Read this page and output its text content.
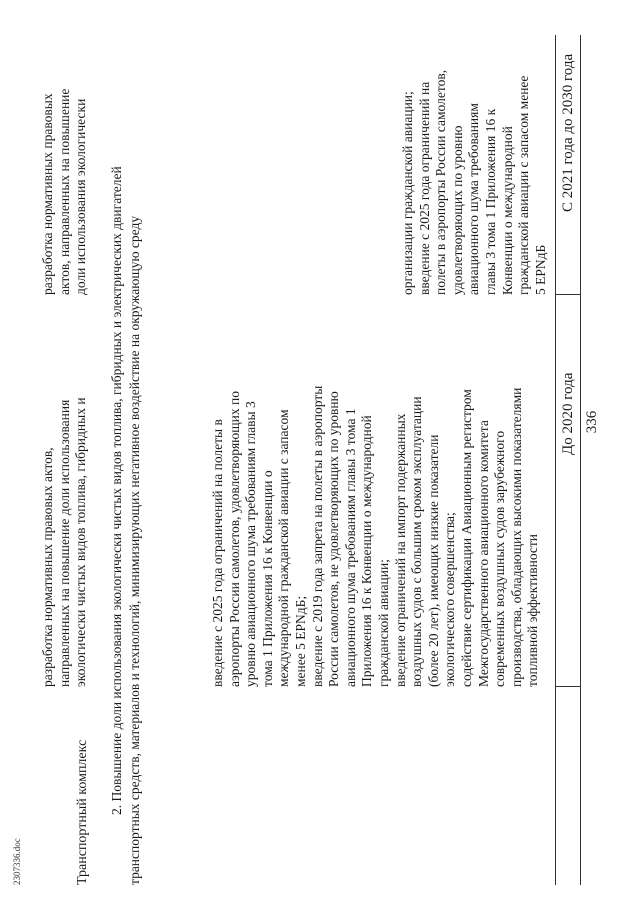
336
До 2020 года
С 2021 года до 2030 года
введение с 2025 года ограничений на полеты в аэропорты России самолетов, удовлетворяющих по уровню авиационного шума требованиям главы 3 тома 1 Приложения 16 к Конвенции о международной гражданской авиации с запасом менее 5 EPNдБ; введение с 2019 года запрета на полеты в аэропорты России самолетов, не удовлетворяющих по уровню авиационного шума требованиям главы 3 тома 1 Приложения 16 к Конвенции о международной гражданской авиации; введение ограничений на импорт подержанных воздушных судов с большим сроком эксплуатации (более 20 лет), имеющих низкие показатели экологического совершенства; содействие сертификации Авиационным регистром Межгосударственного авиационного комитета современных воздушных судов зарубежного производства, обладающих высокими показателями топливной эффективности
организации гражданской авиации; введение с 2025 года ограничений на полеты в аэропорты России самолетов, удовлетворяющих по уровню авиационного шума требованиям главы 3 тома 1 Приложения 16 к Конвенции о международной гражданской авиации с запасом менее 5 EPNдБ
2. Повышение доли использования экологически чистых видов топлива, гибридных и электрических двигателей транспортных средств, материалов и технологий, минимизирующих негативное воздействие на окружающую среду
Транспортный комплекс
разработка нормативных правовых актов, направленных на повышение доли использования экологически чистых видов топлива, гибридных и
разработка нормативных правовых актов, направленных на повышение доли использования экологически
2307336.doc
